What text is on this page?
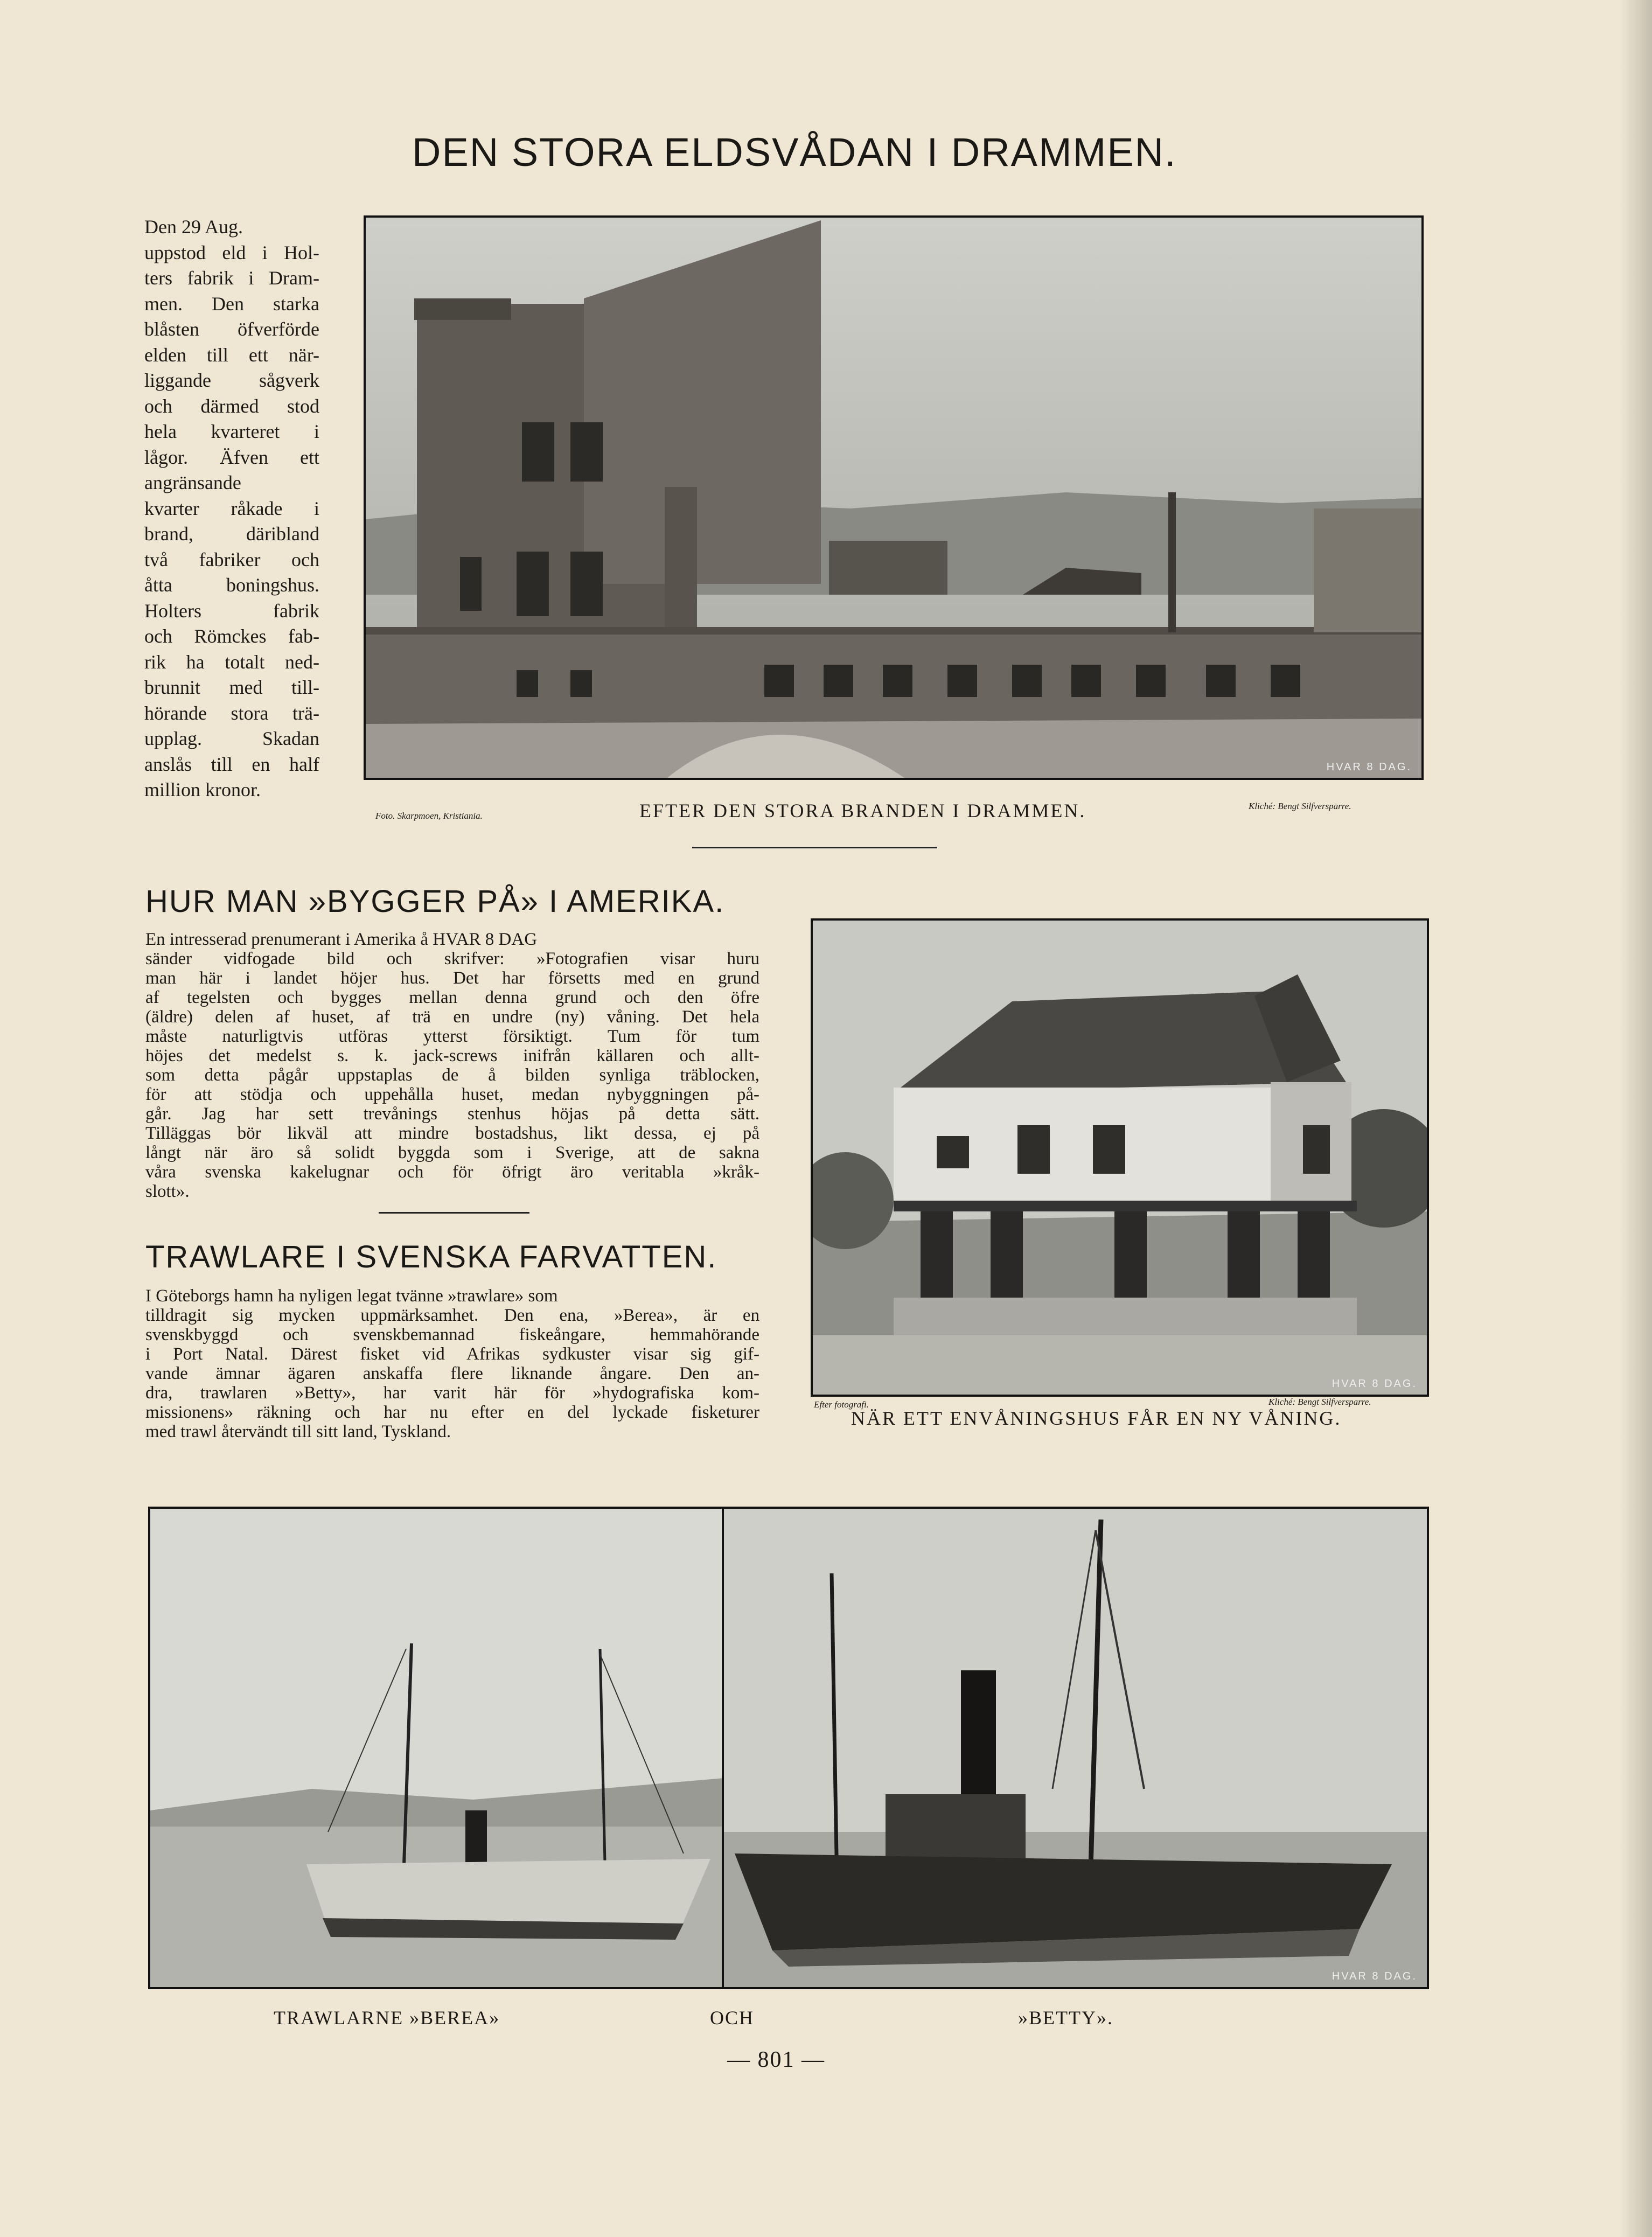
DEN STORA ELDSVÅDAN I DRAMMEN.
Den 29 Aug.
uppstod eld i Hol-
ters fabrik i Dram-
men. Den starka
blåsten öfverförde
elden till ett när-
liggande sågverk
och därmed stod
hela kvarteret i
lågor. Äfven ett
angränsande
kvarter råkade i
brand, däribland
två fabriker och
åtta boningshus.
Holters fabrik
och Römckes fab-
rik ha totalt ned-
brunnit med till-
hörande stora trä-
upplag. Skadan
anslås till en half
million kronor.
HVAR 8 DAG.
Foto. Skarpmoen, Kristiania.	EFTER DEN STORA BRANDEN I DRAMMEN.	Kliché: Bengt Silfversparre.
HUR MAN »BYGGER PÅ» I AMERIKA.
En intresserad prenumerant i Amerika å HVAR 8 DAG
sänder vidfogade bild och skrifver: »Fotografien visar huru
man här i landet höjer hus. Det har försetts med en grund
af tegelsten och bygges mellan denna grund och den öfre
(äldre) delen af huset, af trä en undre (ny) våning. Det hela
måste naturligtvis utföras ytterst försiktigt. Tum för tum
höjes det medelst s. k. jack-screws inifrån källaren och allt-
som detta pågår uppstaplas de å bilden synliga träblocken,
för att stödja och uppehålla huset, medan nybyggningen på-
går. Jag har sett trevånings stenhus höjas på detta sätt.
Tilläggas bör likväl att mindre bostadshus, likt dessa, ej på
långt när äro så solidt byggda som i Sverige, att de sakna
våra svenska kakelugnar och för öfrigt äro veritabla »kråk-
slott».
HVAR 8 DAG.
Efter fotografi.	Kliché: Bengt Silfversparre.
NÄR ETT ENVÅNINGSHUS FÅR EN NY VÅNING.
TRAWLARE I SVENSKA FARVATTEN.
I Göteborgs hamn ha nyligen legat tvänne »trawlare» som
tilldragit sig mycken uppmärksamhet. Den ena, »Berea», är en
svenskbyggd och svenskbemannad fiskeångare, hemmahörande
i Port Natal. Därest fisket vid Afrikas sydkuster visar sig gif-
vande ämnar ägaren anskaffa flere liknande ångare. Den an-
dra, trawlaren »Betty», har varit här för »hydografiska kom-
missionens» räkning och har nu efter en del lyckade fisketurer
med trawl återvändt till sitt land, Tyskland.
HVAR 8 DAG.
TRAWLARNE »BEREA»	OCH	»BETTY».
— 801 —
